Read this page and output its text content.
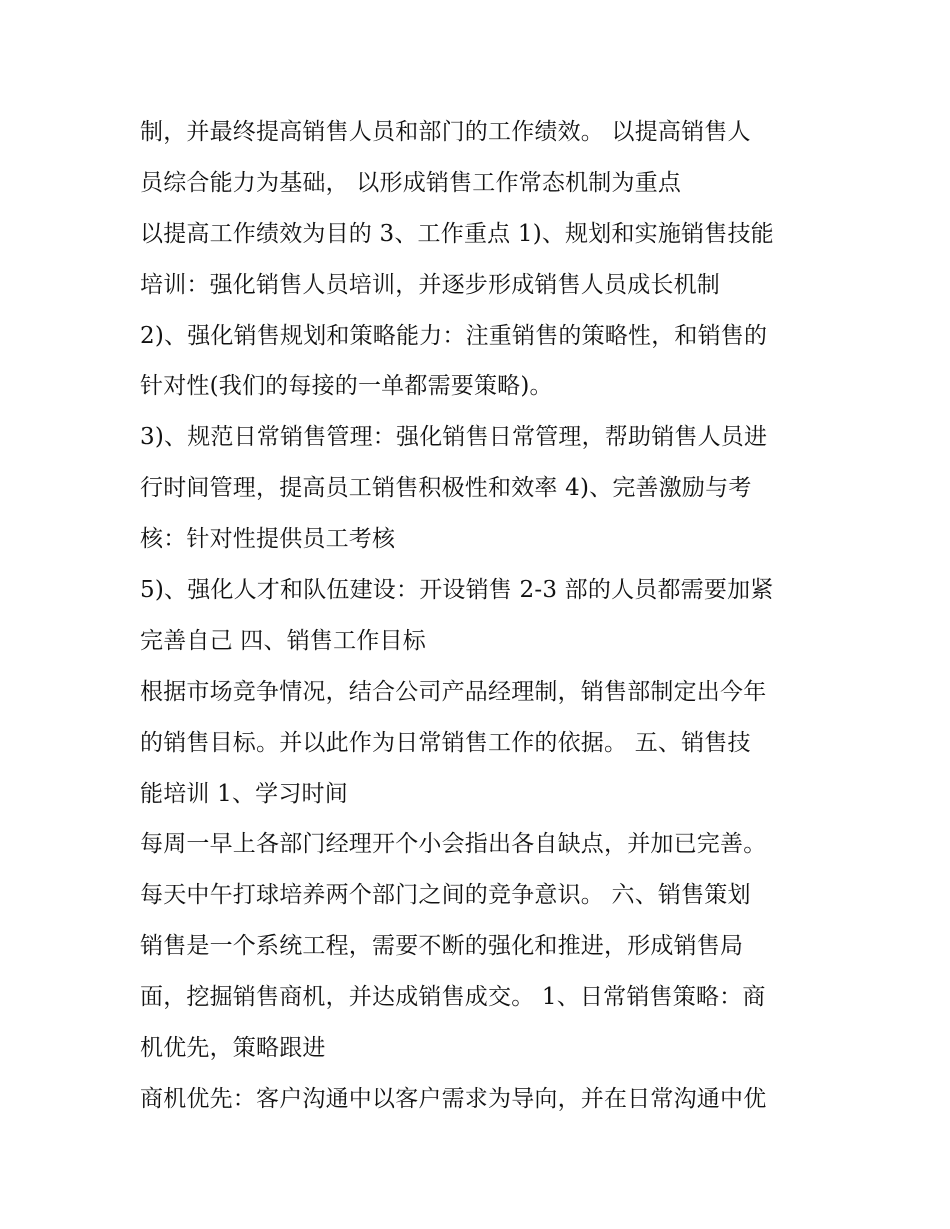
制，并最终提高销售人员和部门的工作绩效。 以提高销售人
员综合能力为基础， 以形成销售工作常态机制为重点
以提高工作绩效为目的 3、工作重点 1)、规划和实施销售技能
培训：强化销售人员培训，并逐步形成销售人员成长机制
2)、强化销售规划和策略能力：注重销售的策略性，和销售的
针对性(我们的每接的一单都需要策略)。
3)、规范日常销售管理：强化销售日常管理，帮助销售人员进
行时间管理，提高员工销售积极性和效率 4)、完善激励与考
核：针对性提供员工考核
5)、强化人才和队伍建设：开设销售 2-3 部的人员都需要加紧
完善自己 四、销售工作目标
根据市场竞争情况，结合公司产品经理制，销售部制定出今年
的销售目标。并以此作为日常销售工作的依据。 五、销售技
能培训 1、学习时间
每周一早上各部门经理开个小会指出各自缺点，并加已完善。
每天中午打球培养两个部门之间的竞争意识。 六、销售策划
销售是一个系统工程，需要不断的强化和推进，形成销售局
面，挖掘销售商机，并达成销售成交。 1、日常销售策略：商
机优先，策略跟进
商机优先：客户沟通中以客户需求为导向，并在日常沟通中优
